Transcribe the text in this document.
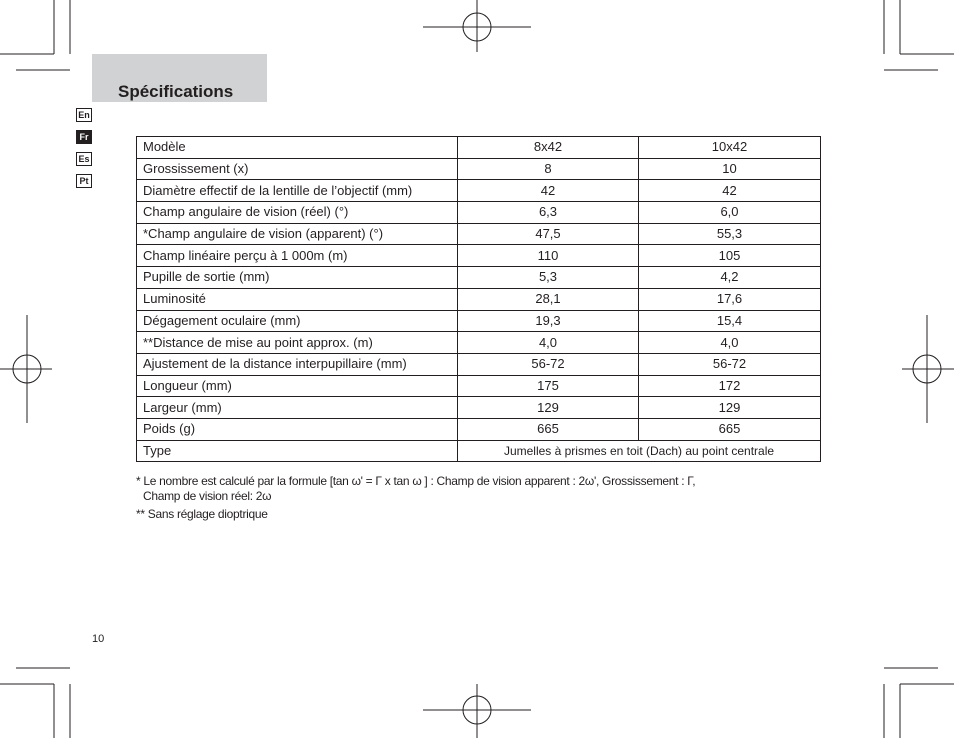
Spécifications
En
Fr
Es
Pt
Modèle	8x42	10x42
Grossissement (x)	8	10
Diamètre effectif de la lentille de l’objectif (mm)	42	42
Champ angulaire de vision (réel) (°)	6,3	6,0
*Champ angulaire de vision (apparent) (°)	47,5	55,3
Champ linéaire perçu à 1 000m (m)	110	105
Pupille de sortie (mm)	5,3	4,2
Luminosité	28,1	17,6
Dégagement oculaire (mm)	19,3	15,4
**Distance de mise au point approx. (m)	4,0	4,0
Ajustement de la distance interpupillaire (mm)	56-72	56-72
Longueur (mm)	175	172
Largeur (mm)	129	129
Poids (g)	665	665
Type	Jumelles à prismes en toit (Dach) au point centrale	

* Le nombre est calculé par la formule [tan ω' = Γ x tan ω ] : Champ de vision apparent : 2ω', Grossissement : Γ,

Champ de vision réel: 2ω

** Sans réglage dioptrique

10
